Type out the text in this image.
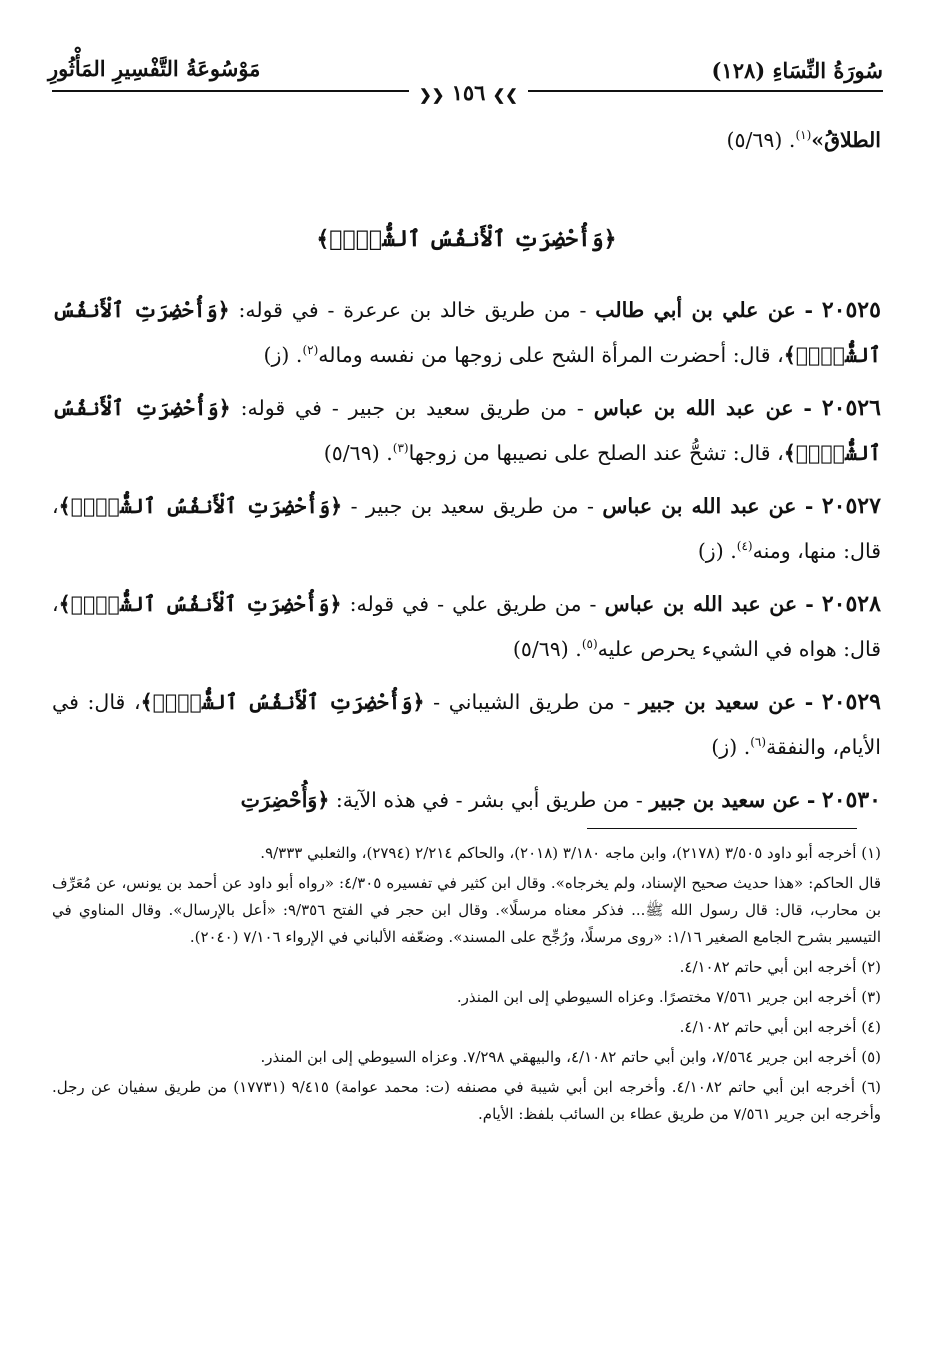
سُورَةُ النِّسَاءِ (١٢٨)
مَوْسُوعَةُ التَّفْسِيرِ المَأْثُورِ
❯❯ ١٥٦ ❮❮

الطلاقُ»$^{(١)}$. (٥/٦٩)

﴿وَأُحْضِرَتِ ٱلْأَنفُسُ ٱلشُّحَّۚ﴾

٢٠٥٢٥ - عن علي بن أبي طالب - من طريق خالد بن عرعرة - في قوله: ﴿وَأُحْضِرَتِ ٱلْأَنفُسُ ٱلشُّحَّۚ﴾، قال: أحضرت المرأة الشح على زوجها من نفسه وماله$^{(٢)}$. (ز)

٢٠٥٢٦ - عن عبد الله بن عباس - من طريق سعيد بن جبير - في قوله: ﴿وَأُحْضِرَتِ ٱلْأَنفُسُ ٱلشُّحَّۚ﴾، قال: تشحُّ عند الصلح على نصيبها من زوجها$^{(٣)}$. (٥/٦٩)

٢٠٥٢٧ - عن عبد الله بن عباس - من طريق سعيد بن جبير - ﴿وَأُحْضِرَتِ ٱلْأَنفُسُ ٱلشُّحَّۚ﴾، قال: منها، ومنه$^{(٤)}$. (ز)

٢٠٥٢٨ - عن عبد الله بن عباس - من طريق علي - في قوله: ﴿وَأُحْضِرَتِ ٱلْأَنفُسُ ٱلشُّحَّۚ﴾، قال: هواه في الشيء يحرص عليه$^{(٥)}$. (٥/٦٩)

٢٠٥٢٩ - عن سعيد بن جبير - من طريق الشيباني - ﴿وَأُحْضِرَتِ ٱلْأَنفُسُ ٱلشُّحَّۚ﴾، قال: في الأيام، والنفقة$^{(٦)}$. (ز)

٢٠٥٣٠ - عن سعيد بن جبير - من طريق أبي بشر - في هذه الآية: ﴿وَأُحْضِرَتِ

(١) أخرجه أبو داود ٣/٥٠٥ (٢١٧٨)، وابن ماجه ٣/١٨٠ (٢٠١٨)، والحاكم ٢/٢١٤ (٢٧٩٤)، والثعلبي ٩/٣٣٣.

قال الحاكم: «هذا حديث صحيح الإسناد، ولم يخرجاه». وقال ابن كثير في تفسيره ٤/٣٠٥: «رواه أبو داود عن أحمد بن يونس، عن مُعَرِّف بن محارب، قال: قال رسول الله ﷺ... فذكر معناه مرسلًا». وقال ابن حجر في الفتح ٩/٣٥٦: «أعل بالإرسال». وقال المناوي في التيسير بشرح الجامع الصغير ١/١٦: «روى مرسلًا، ورُجِّح على المسند». وضعّفه الألباني في الإرواء ٧/١٠٦ (٢٠٤٠).

(٢) أخرجه ابن أبي حاتم ٤/١٠٨٢.

(٣) أخرجه ابن جرير ٧/٥٦١ مختصرًا. وعزاه السيوطي إلى ابن المنذر.

(٤) أخرجه ابن أبي حاتم ٤/١٠٨٢.

(٥) أخرجه ابن جرير ٧/٥٦٤، وابن أبي حاتم ٤/١٠٨٢، والبيهقي ٧/٢٩٨. وعزاه السيوطي إلى ابن المنذر.

(٦) أخرجه ابن أبي حاتم ٤/١٠٨٢. وأخرجه ابن أبي شيبة في مصنفه (ت: محمد عوامة) ٩/٤١٥ (١٧٧٣١) من طريق سفيان عن رجل. وأخرجه ابن جرير ٧/٥٦١ من طريق عطاء بن السائب بلفظ: الأيام.
